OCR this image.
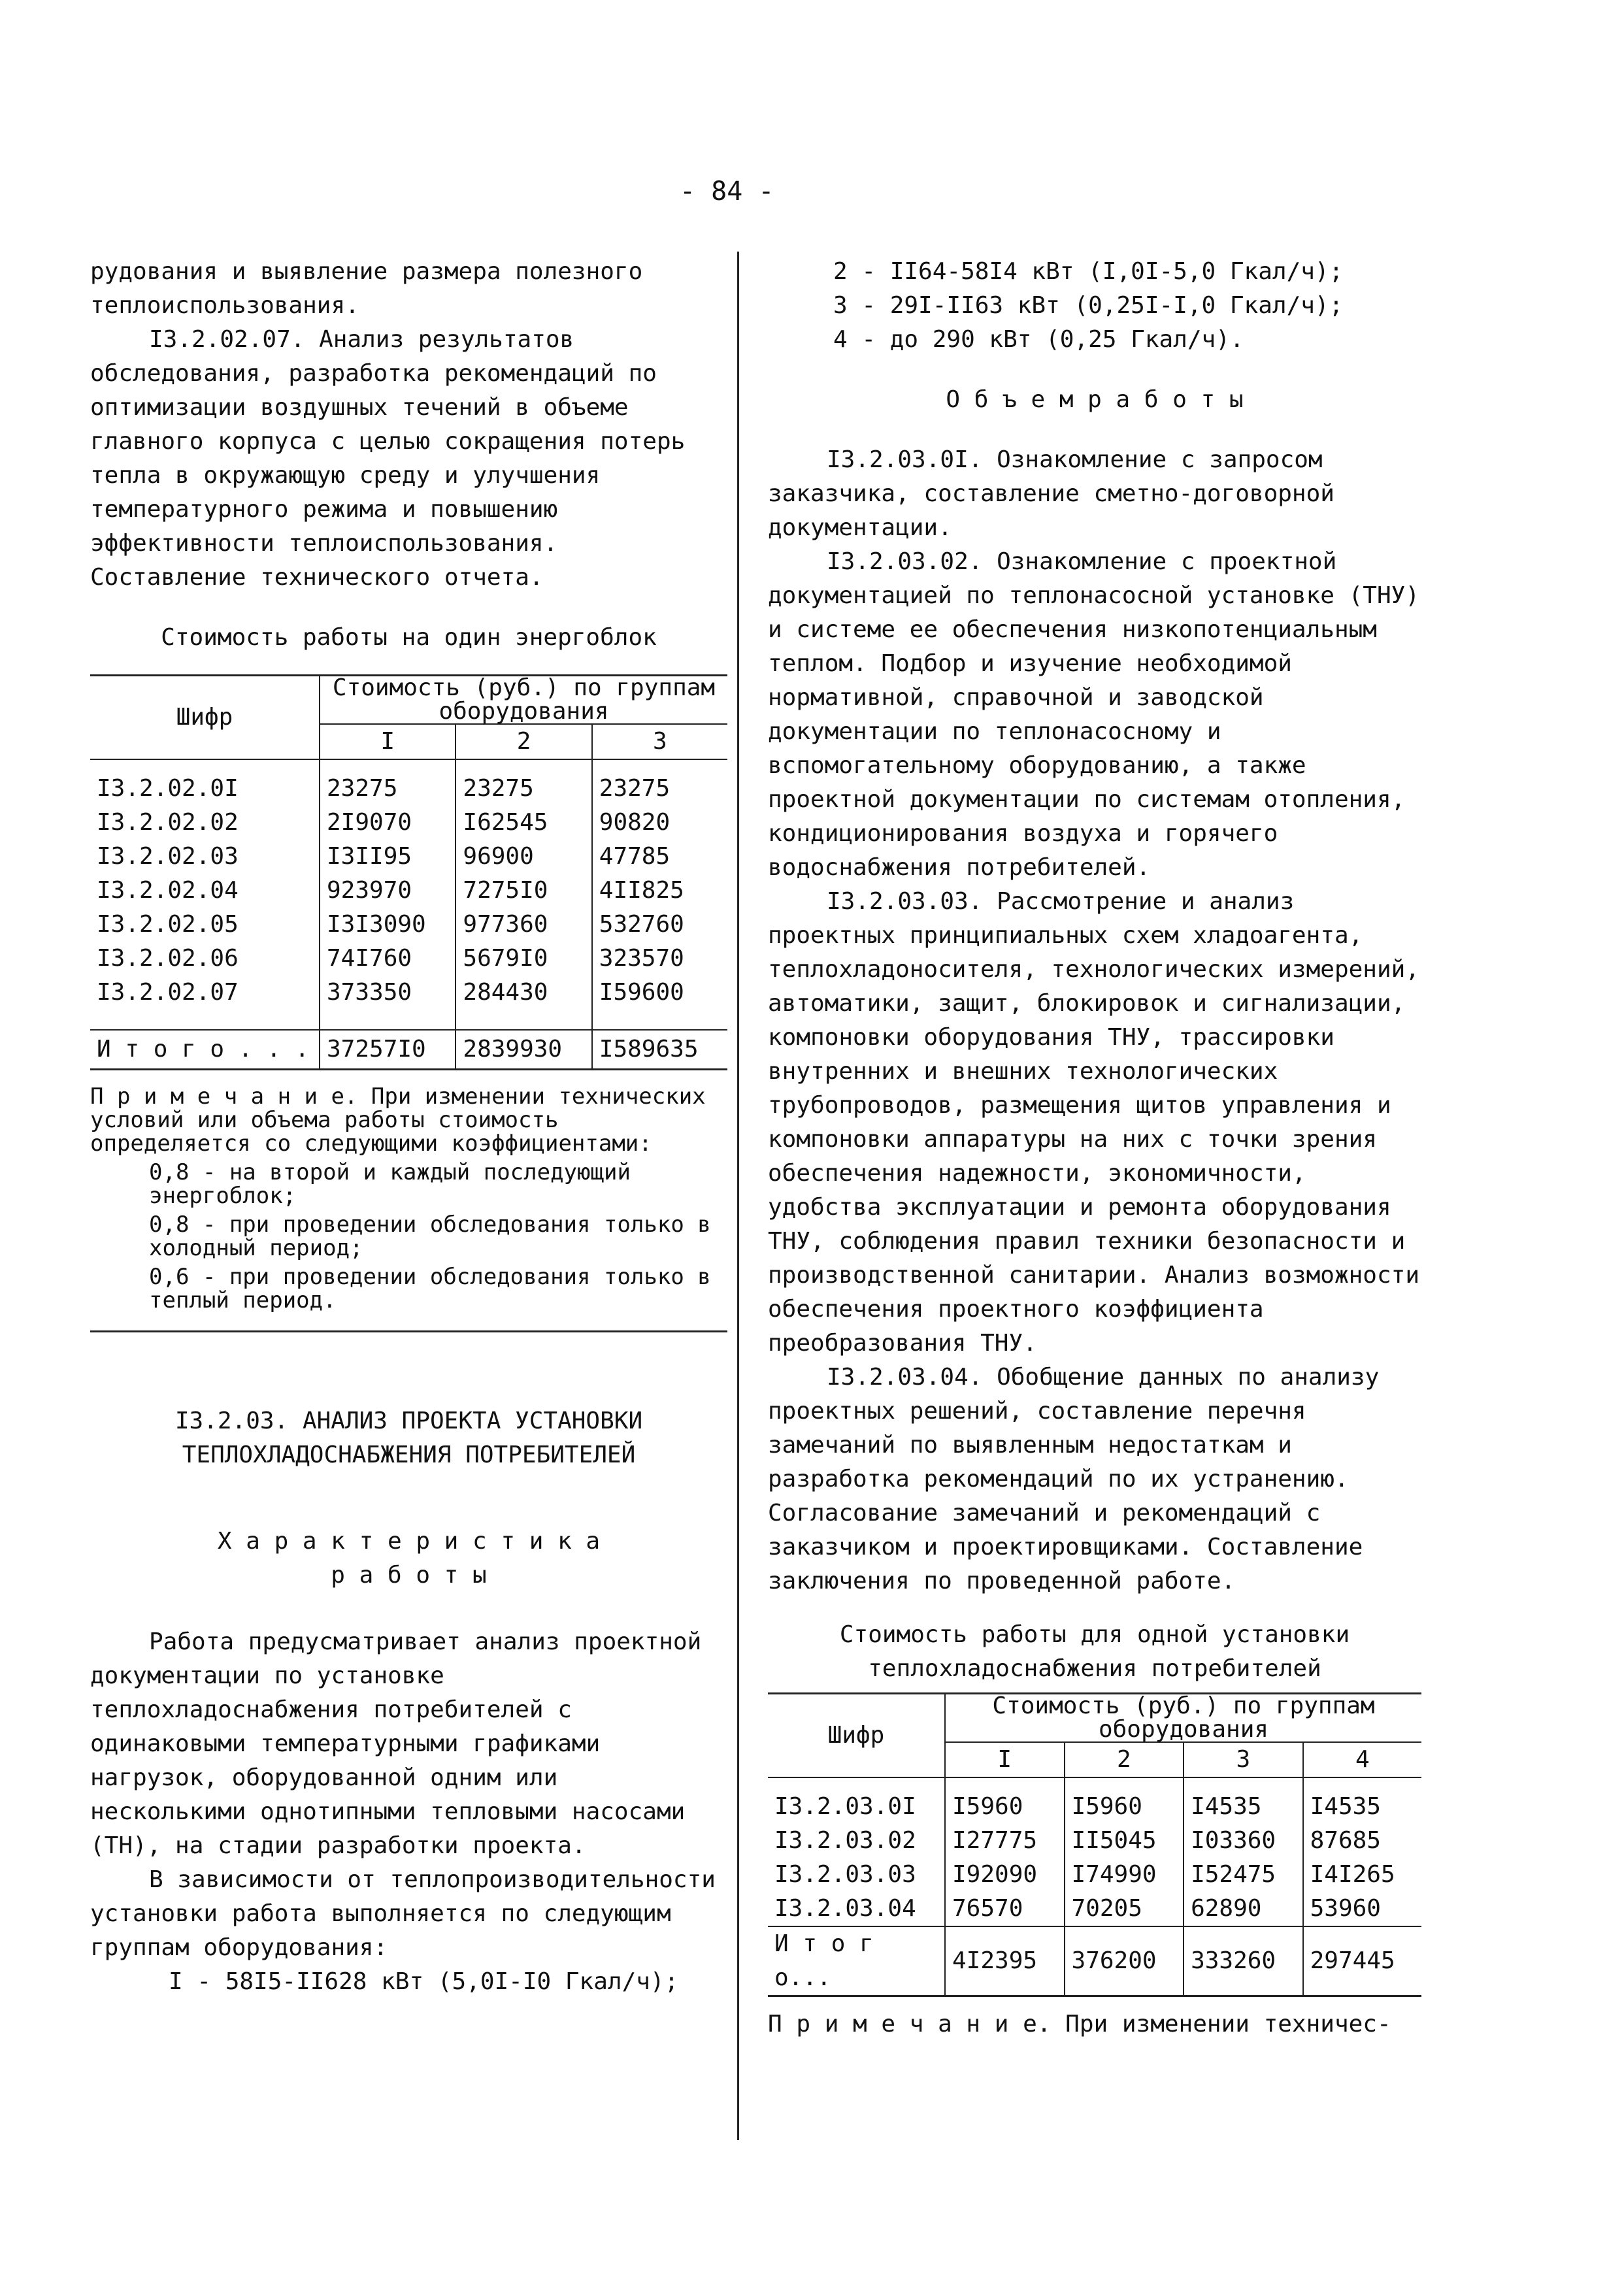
- 84 -

рудования и выявление размера полезного теплоиспользования.

I3.2.02.07. Анализ результатов обследования, разработка рекомендаций по оптимизации воздушных течений в объеме главного корпуса с целью сокращения потерь тепла в окружающую среду и улучшения температурного режима и повышению эффективности теплоиспользования. Составление технического отчета.

Стоимость работы на один энергоблок

Шифр	Стоимость (руб.) по группам оборудования		
	I	2	3

I3.2.02.0I	23275	23275	23275
I3.2.02.02	2I9070	I62545	90820
I3.2.02.03	I3II95	96900	47785
I3.2.02.04	923970	7275I0	4II825
I3.2.02.05	I3I3090	977360	532760
I3.2.02.06	74I760	5679I0	323570
I3.2.02.07	373350	284430	I59600

И т о г о . . .	37257I0	2839930	I589635
П р и м е ч а н и е. При изменении технических условий или объема работы стоимость определяется со следующими коэффициентами:
0,8 - на второй и каждый последующий энергоблок;
0,8 - при проведении обследования только в холодный период;
0,6 - при проведении обследования только в теплый период.
I3.2.03. АНАЛИЗ ПРОЕКТА УСТАНОВКИ
ТЕПЛОХЛАДОСНАБЖЕНИЯ ПОТРЕБИТЕЛЕЙ
Х а р а к т е р и с т и к а
р а б о т ы

Работа предусматривает анализ проектной документации по установке теплохладоснабжения потребителей с одинаковыми температурными графиками нагрузок, оборудованной одним или несколькими однотипными тепловыми насосами (ТН), на стадии разработки проекта.

В зависимости от теплопроизводительности установки работа выполняется по следующим группам оборудования:

I - 58I5-II628 кВт (5,0I-I0 Гкал/ч);

2 - II64-58I4 кВт (I,0I-5,0 Гкал/ч);

3 - 29I-II63 кВт (0,25I-I,0 Гкал/ч);

4 - до 290 кВт (0,25 Гкал/ч).

О б ъ е м р а б о т ы

I3.2.03.0I. Ознакомление с запросом заказчика, составление сметно-договорной документации.

I3.2.03.02. Ознакомление с проектной документацией по теплонасосной установке (ТНУ) и системе ее обеспечения низкопотенциальным теплом. Подбор и изучение необходимой нормативной, справочной и заводской документации по теплонасосному и вспомогательному оборудованию, а также проектной документации по системам отопления, кондиционирования воздуха и горячего водоснабжения потребителей.

I3.2.03.03. Рассмотрение и анализ проектных принципиальных схем хладоагента, теплохладоносителя, технологических измерений, автоматики, защит, блокировок и сигнализации, компоновки оборудования ТНУ, трассировки внутренних и внешних технологических трубопроводов, размещения щитов управления и компоновки аппаратуры на них с точки зрения обеспечения надежности, экономичности, удобства эксплуатации и ремонта оборудования ТНУ, соблюдения правил техники безопасности и производственной санитарии. Анализ возможности обеспечения проектного коэффициента преобразования ТНУ.

I3.2.03.04. Обобщение данных по анализу проектных решений, составление перечня замечаний по выявленным недостаткам и разработка рекомендаций по их устранению. Согласование замечаний и рекомендаций с заказчиком и проектировщиками. Составление заключения по проведенной работе.

Стоимость работы для одной установки

теплохладоснабжения потребителей

Шифр	Стоимость (руб.) по группам оборудования			
	I	2	3	4

I3.2.03.0I	I5960	I5960	I4535	I4535
I3.2.03.02	I27775	II5045	I03360	87685
I3.2.03.03	I92090	I74990	I52475	I4I265
I3.2.03.04	76570	70205	62890	53960
И т о г о...	4I2395	376200	333260	297445

П р и м е ч а н и е. При изменении техничес-
